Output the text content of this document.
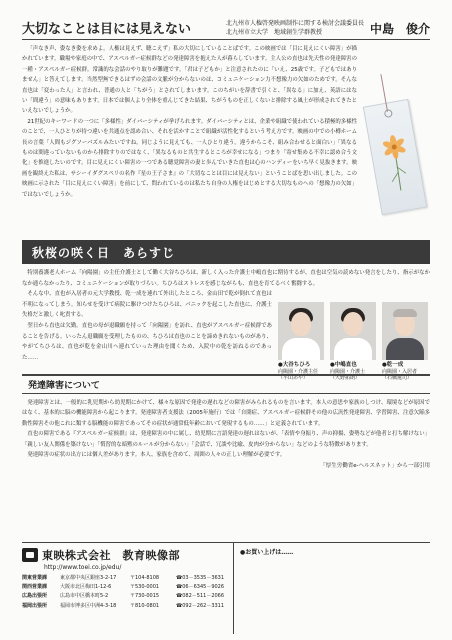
大切なことは目には見えない	北九州市人権啓発映画制作に関する検討会議委員長
北九州市立大学　地域創生学群教授	中島　俊介

「声なき声、姿なき姿を求めよ。人権は見えず、聴こえず」私の大切にしていることばです。この映画では「目に見えにくい障害」が描かれています。職場や家庭の中で、アスペルガー症候群などの発達障害を抱えた人が暮らしています。主人公の直也は先天性の発達障害の一種・アスペルガー症候群。常識的な会話のやり取りが難題です。「君は子どもか」と注意されたのに「いえ、25歳です。子どもではありません」と答えてします。当然型無できるはずの会話の文脈が分からないのは、コミュニケーション力不想像力の欠如のためです。そんな直也は「変わった人」と言われ、普通の人と「ちがう」とされてしまいます。このちがいを辞書で引くと、「異なる」に加え、英語にはない「間違う」の意味もあります。日本では個人より全体を重んじてきた結果、ちがうものを正しくないと排除する風土が形成されてきたといえないでしょうか。

21世紀のキーワードの一つに「多様性」ダイバーシティが挙げられます。ダイバーシティとは、企業や組織で使われている積極的多様性のことで、一人ひとりが持つ違いを共通点を認め合い、それを活かすことで組織が活性化するという考え方です。映画の中での小樽ホーム長の言葉「人間もジグソーパズルみたいですね。同じように見えても、一人ひとり違う。違うからこそ、組み合わせると面白い」「異なるものは間違っていないものから排除すりのではなく、「異なるものと共生するところが幸せになる」つまり「寄せ集める不幸に認め合う文化」を推進したいのです。目に見えにくい障害の一つである聴覚障害の妻と歩んでいきた直也は心のハンディーをいち早く見抜きます。映画を観終えた私は、サシーイダグスペリの名作『星の王子さま』の「大切なことは目には見えない」ということばを思い出しました。この映画に示された「目に見えにくい障害」を前にして、問われているのは私たち自身の人権をはじめとする大切なものへの「想像力の欠如」ではないでしょうか。

秋桜の咲く日　あらすじ

特別養護老人ホーム「向陽園」の主任介護士として働く大谷ちひろは、新しく入った介護士中嶋直也に期待するが、直也は空気の読めない発言をしたり、指示がなかなか通らなかったり、コミュニケーションが取りづらい。ちひろはストレスを感じながらも、直也を育てるべく奮闘する。

そんな中、直也が入居者の元大学教授、乾一成を連れて外出したところ、金山田で乾が倒れて直也は不明になってしまう。知らせを受けて病院に駆けつけたちひろは、パニックを起こした直也に、介護士失格だと激しく叱責する。

翌日から直也は欠勤。直也の母が退職願を持って「向陽園」を訪れ、直也がアスペルガー症候群であることを告げる。いったん退職願を受理したものの、ちひろは直也のことを諦めきれないものがあり、やがてちひろは、直也が乾を金山川へ連れていった理由を聞くため、入院中の乾を訪ねるのであった……

●大谷ちひろ
向陽園・介護主任
（平山あや）
●中嶋直也
向陽園・介護士
（大野拓朗）
●乾一成
向陽園・入居者
（石橋蓮司）
発達障害について

発達障害とは、一般的に乳児期から幼児期にかけて、様々な原因で発達の遅れなどの障害がみられるものを言います。本人の意思や家族のしつけ、環境などが原因ではなく、基本的に脳の機能障害から起こります。発達障害者支援法（2005年施行）では「自閉症、アスペルガー症候群その他の広汎性発達障害、学習障害、注意欠陥多動性障害その他これに類する脳機能の障害であってその症状が通常低年齢において発現するもの……」と定義されています。

直也の障害である『アスペルガー症候群』は、発達障害の中に属し、幼児期に言語発達の遅れはないが、「表情や身振り、声の抑揚、姿勢などが他者と打ち解けない」「親しい友人関係を築けない」「慣習的な暗黙のルールが分からない」「会話で、冗談や比喩、皮肉が分からない」などのような特徴があります。

発達障害の症状の出方には個人差があります。本人、家族を含めて、周囲の人々の正しい理解が必要です。

「厚生労働省e-ヘルスネット」から一部引用
東映株式会社　教育映像部
http://www.toei.co.jp/edu/
関東営業課	東京都中央区銀座3-2-17	〒104-8108	☎03－3535－3631
関西営業課	大阪市北区梅田1-12-6	〒530-0001	☎06－6345－9026
広島出張所	広島市中区橋本町5-2	〒730-0015	☎082－511－2066
福岡出張所	福岡市博多区中洲4-3-18	〒810-0801	☎092－262－3311
●お買い上げは……
